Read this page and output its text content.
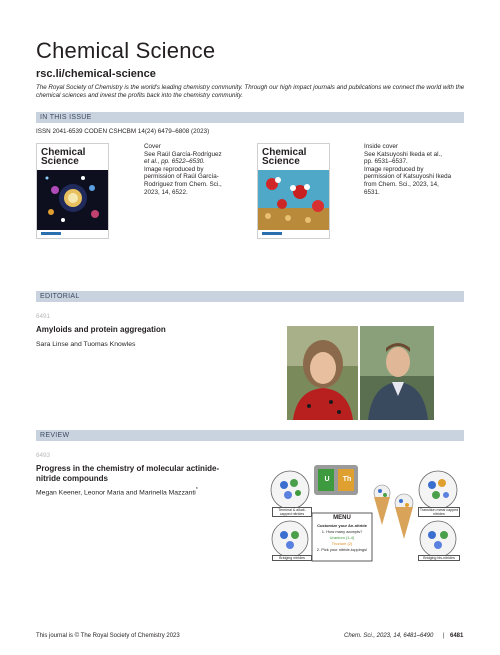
Chemical Science
rsc.li/chemical-science
The Royal Society of Chemistry is the world's leading chemistry community. Through our high impact journals and publications we connect the world with the chemical sciences and invest the profits back into the chemistry community.
IN THIS ISSUE
ISSN 2041-6539 CODEN CSHCBM 14(24) 6479–6808 (2023)
Chemical Science
Cover
See Raúl García-Rodríguez
et al., pp. 6522–6530.
Image reproduced by
permission of Raúl García-
Rodríguez from Chem. Sci.,
2023, 14, 6522.
Chemical Science
Inside cover
See Katsuyoshi Ikeda et al.,
pp. 6531–6537.
Image reproduced by
permission of Katsuyoshi Ikeda
from Chem. Sci., 2023, 14,
6531.
EDITORIAL
6491
Amyloids and protein aggregation
Sara Linse and Tuomas Knowles
REVIEW
6493
Progress in the chemistry of molecular actinide-
nitride compounds
Megan Keener, Leonor Maria and Marinella Mazzanti*
U	Th
MENU
Customize your An-nitride
1. How many accepts?
Uranium (1-4)
Thorium (2)
2. Pick your nitride-toppings!
Terminal & alkali-capped nitrides
Transition metal capped nitrides
Bridging nitrides	Bridging bis-nitrides
This journal is © The Royal Society of Chemistry 2023	Chem. Sci., 2023, 14, 6481–6490 | 6481
